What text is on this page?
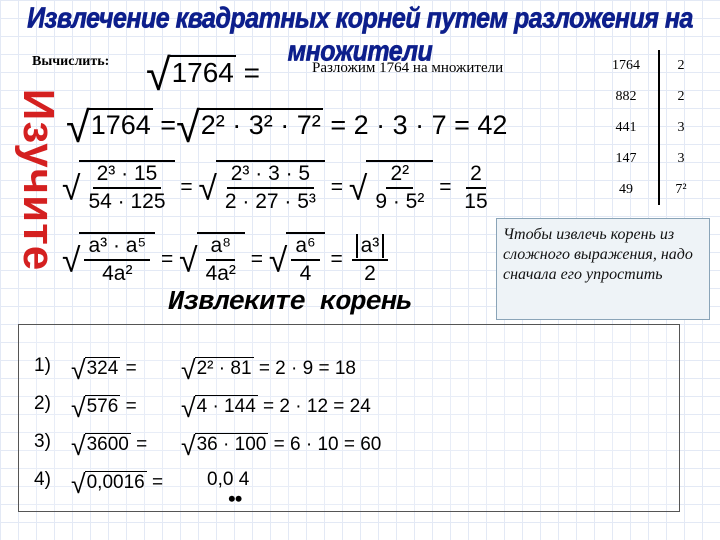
Извлечение квадратных корней путем разложения на множители
Изучите
Вычислить: √1764 =	Разложим 1764 на множители
√1764 =√2² · 3² · 7² = 2 · 3 · 7 = 42
√ $\frac{\text{2³ · 15}}{54 \cdot 125}$ = √ $\frac{\text{2³ · 3 · 5}}{\text{2 · 27 · 5³}}$ = √ $\frac{\text{2²}}{\text{9 · 5²}} = \frac{2}{15}$
√ $\frac{\text{a³ · a⁵}}{\text{4a²}}$ = √ $\frac{\text{a⁸}}{\text{4a²}}$ = √ $\frac{\text{a⁶}}{4} = \frac{\text{a³}}{2}$
1764	2
882	2
441	3
147	3
49	7²
Чтобы извлечь корень из сложного выражения, надо сначала его упростить
Извлеките корень
1) √324 = √2² · 81 = 2 · 9 = 18
2) √576 = √4 · 144 = 2 · 12 = 24
3) √3600 = √36 · 100 = 6 · 10 = 60
4) √0,0016 = 0,0 4
••
